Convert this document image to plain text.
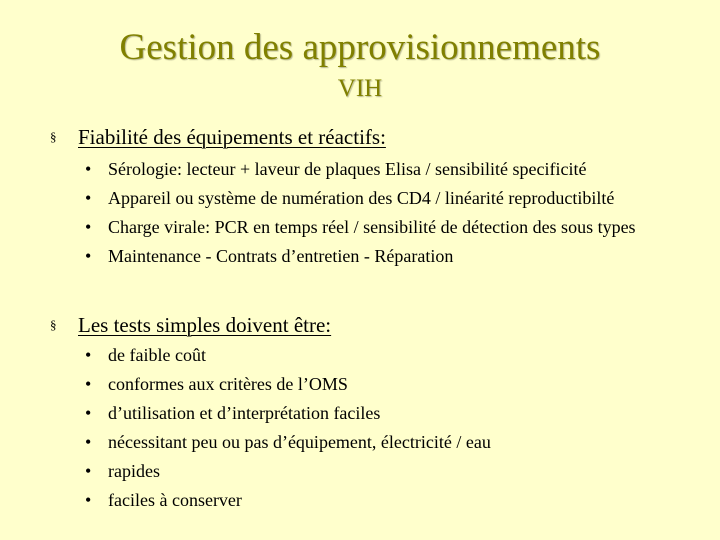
Gestion des approvisionnements
VIH
§ Fiabilité des équipements et réactifs:
• Sérologie: lecteur + laveur de plaques Elisa / sensibilité specificité
• Appareil ou système de numération des CD4 / linéarité reproductibilté
• Charge virale: PCR en temps réel / sensibilité de détection des sous types
• Maintenance - Contrats d’entretien - Réparation
§ Les tests simples doivent être:
• de faible coût
• conformes aux critères de l’OMS
• d’utilisation et d’interprétation faciles
• nécessitant peu ou pas d’équipement, électricité / eau
• rapides
• faciles à conserver
